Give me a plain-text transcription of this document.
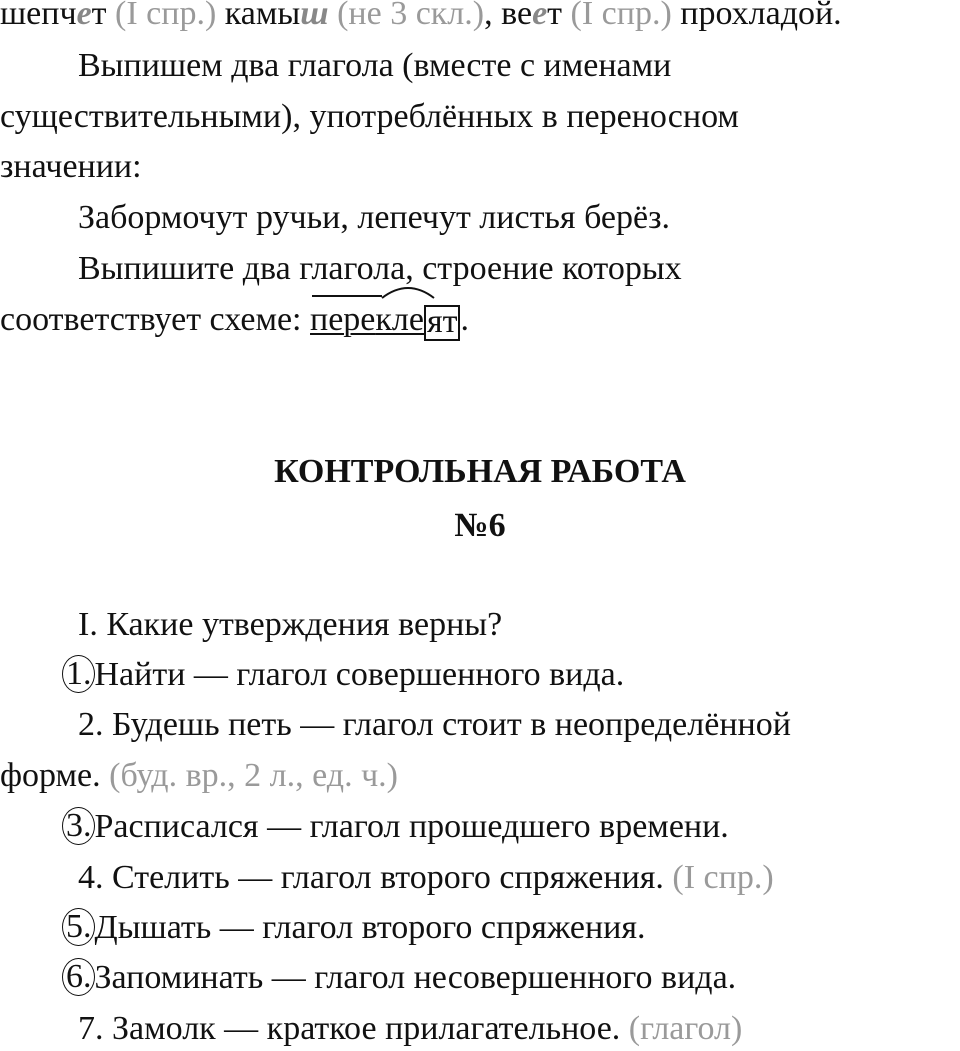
шепчет (I спр.) камыш (не 3 скл.), веет (I спр.) прохладой.
Выпишем два глагола (вместе с именами
существительными), употреблённых в переносном
значении:
Забормочут ручьи, лепечут листья берёз.
Выпишите два глагола, строение которых
соответствует схеме:
переклеят.
КОНТРОЛЬНАЯ РАБОТА
№6
I. Какие утверждения верны?
1.Найти — глагол совершенного вида.
2. Будешь петь — глагол стоит в неопределённой
форме. (буд. вр., 2 л., ед. ч.)
3.Расписался — глагол прошедшего времени.
4. Стелить — глагол второго спряжения. (I спр.)
5.Дышать — глагол второго спряжения.
6.Запоминать — глагол несовершенного вида.
7. Замолк — краткое прилагательное. (глагол)
